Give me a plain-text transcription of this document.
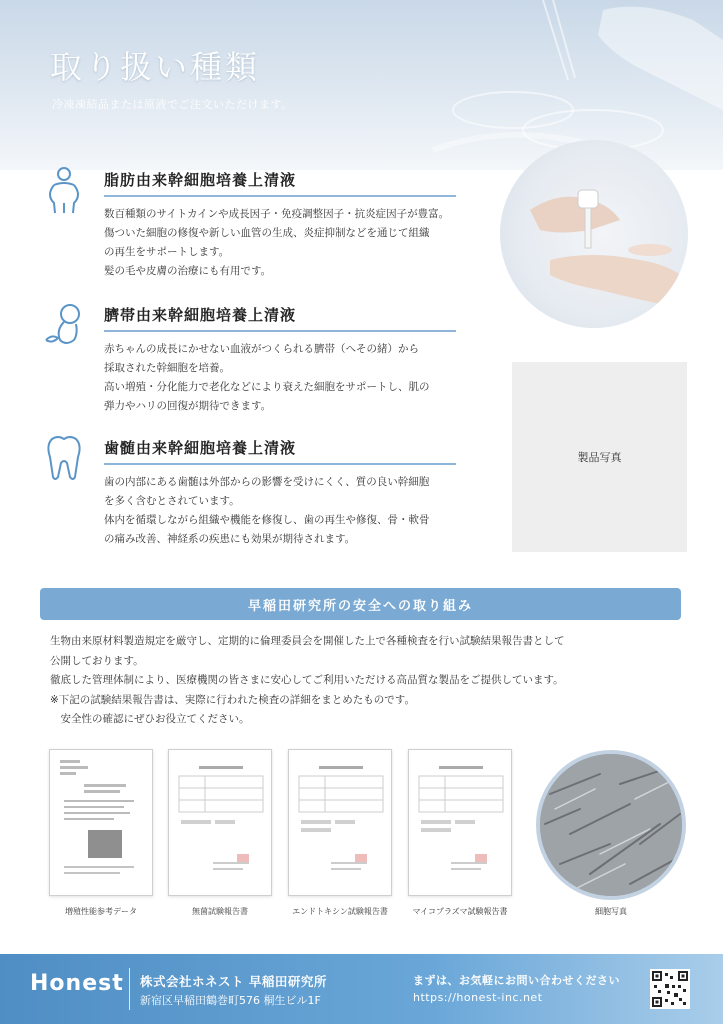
取り扱い種類
冷凍凍結品または原液でご注文いただけます。
脂肪由来幹細胞培養上清液

数百種類のサイトカインや成長因子・免疫調整因子・抗炎症因子が豊富。

傷ついた細胞の修復や新しい血管の生成、炎症抑制などを通じて組織

の再生をサポートします。

髪の毛や皮膚の治療にも有用です。

臍帯由来幹細胞培養上清液

赤ちゃんの成長にかせない血液がつくられる臍帯（へその緒）から

採取された幹細胞を培養。

高い増殖・分化能力で老化などにより衰えた細胞をサポートし、肌の

弾力やハリの回復が期待できます。

歯髄由来幹細胞培養上清液

歯の内部にある歯髄は外部からの影響を受けにくく、質の良い幹細胞

を多く含むとされています。

体内を循環しながら組織や機能を修復し、歯の再生や修復、骨・軟骨

の痛み改善、神経系の疾患にも効果が期待されます。

製品写真
早稲田研究所の安全への取り組み

生物由来原材料製造規定を厳守し、定期的に倫理委員会を開催した上で各種検査を行い試験結果報告書として

公開しております。

徹底した管理体制により、医療機関の皆さまに安心してご利用いただける高品質な製品をご提供しています。

※下記の試験結果報告書は、実際に行われた検査の詳細をまとめたものです。

　安全性の確認にぜひお役立てください。

増殖性能参考データ	無菌試験報告書	エンドトキシン試験報告書	マイコプラズマ試験報告書	細胞写真
Honest 株式会社ホネスト 早稲田研究所
新宿区早稲田鶴巻町576 桐生ビル1F
まずは、お気軽にお問い合わせください
https://honest-inc.net
